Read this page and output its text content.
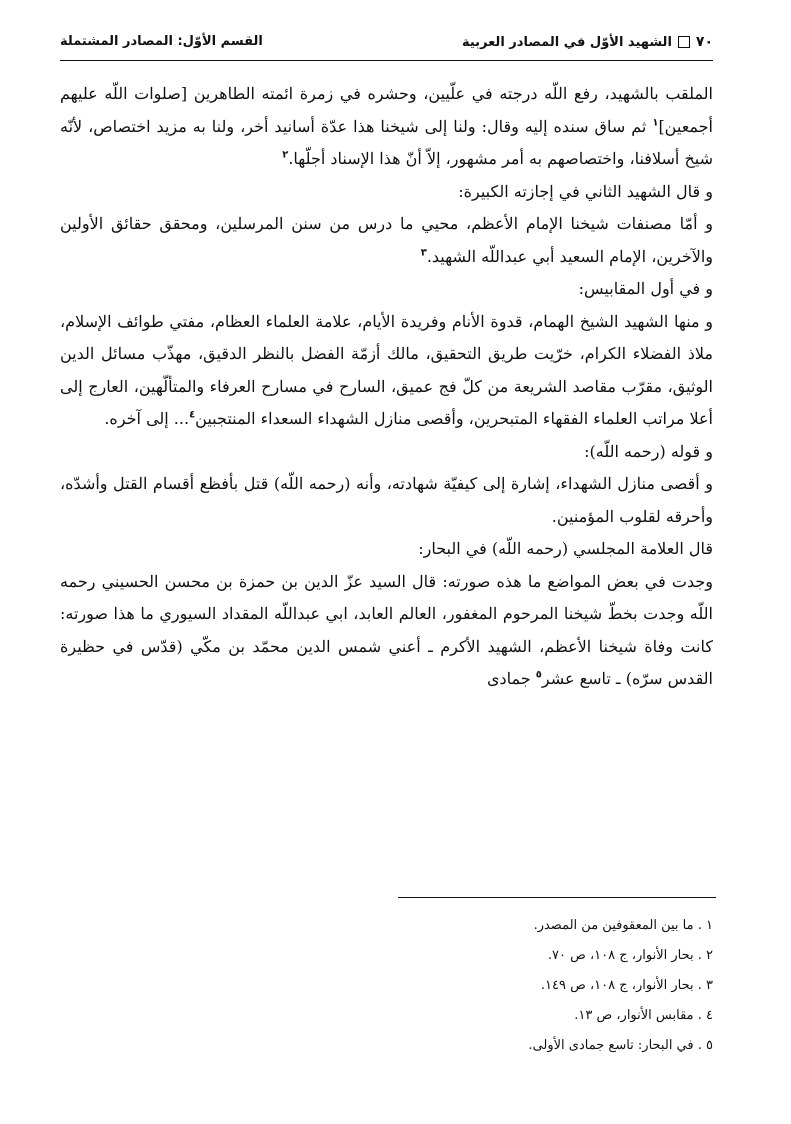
٧٠
الشهيد الأوّل في المصادر العربية
القسم الأوّل: المصادر المشتملة

الملقب بالشهيد، رفع اللّه درجته في علّيين، وحشره في زمرة ائمته الطاهرين [صلوات اللّه عليهم أجمعين]$^١$ ثم ساق سنده إليه وقال: ولنا إلى شيخنا هذا عدّة أسانيد أخر، ولنا به مزيد اختصاص، لأنّه شيخ أسلافنا، واختصاصهم به أمر مشهور، إلاّ أنّ هذا الإسناد أجلّها.$^٢$

و قال الشهيد الثاني في إجازته الكبيرة:

و أمّا مصنفات شيخنا الإمام الأعظم، محيي ما درس من سنن المرسلين، ومحقق حقائق الأولين والآخرين، الإمام السعيد أبي عبداللّه الشهيد.$^٣$

و في أول المقابيس:

و منها الشهيد الشيخ الهمام، قدوة الأنام وفريدة الأيام، علامة العلماء العظام، مفتي طوائف الإسلام، ملاذ الفضلاء الكرام، خرّيت طريق التحقيق، مالك أزمّة الفضل بالنظر الدقيق، مهذّب مسائل الدين الوثيق، مقرّب مقاصد الشريعة من كلّ فج عميق، السارح في مسارح العرفاء والمتألّهين، العارج إلى أعلا مراتب العلماء الفقهاء المتبحرين، وأقصى منازل الشهداء السعداء المنتجبين$^٤$... إلى آخره.

و قوله (رحمه اللّه):

و أقصى منازل الشهداء، إشارة إلى كيفيّة شهادته، وأنه (رحمه اللّه) قتل بأفظع أقسام القتل وأشدّه، وأحرقه لقلوب المؤمنين.

قال العلامة المجلسي (رحمه اللّه) في البحار:

وجدت في بعض المواضع ما هذه صورته: قال السيد عزّ الدين بن حمزة بن محسن الحسيني رحمه اللّه وجدت بخطّ شيخنا المرحوم المغفور، العالم العابد، ابي عبداللّه المقداد السيوري ما هذا صورته: كانت وفاة شيخنا الأعظم، الشهيد الأكرم ـ أعني شمس الدين محمّد بن مكّي (قدّس في حظيرة القدس سرّه) ـ تاسع عشر$^٥$ جمادى

١ . ما بين المعقوفين من المصدر.
٢ . بحار الأنوار، ج ١٠٨، ص ٧٠.
٣ . بحار الأنوار، ج ١٠٨، ص ١٤٩.
٤ . مقابس الأنوار، ص ١٣.
٥ . في البحار: تاسع جمادى الأولى.
